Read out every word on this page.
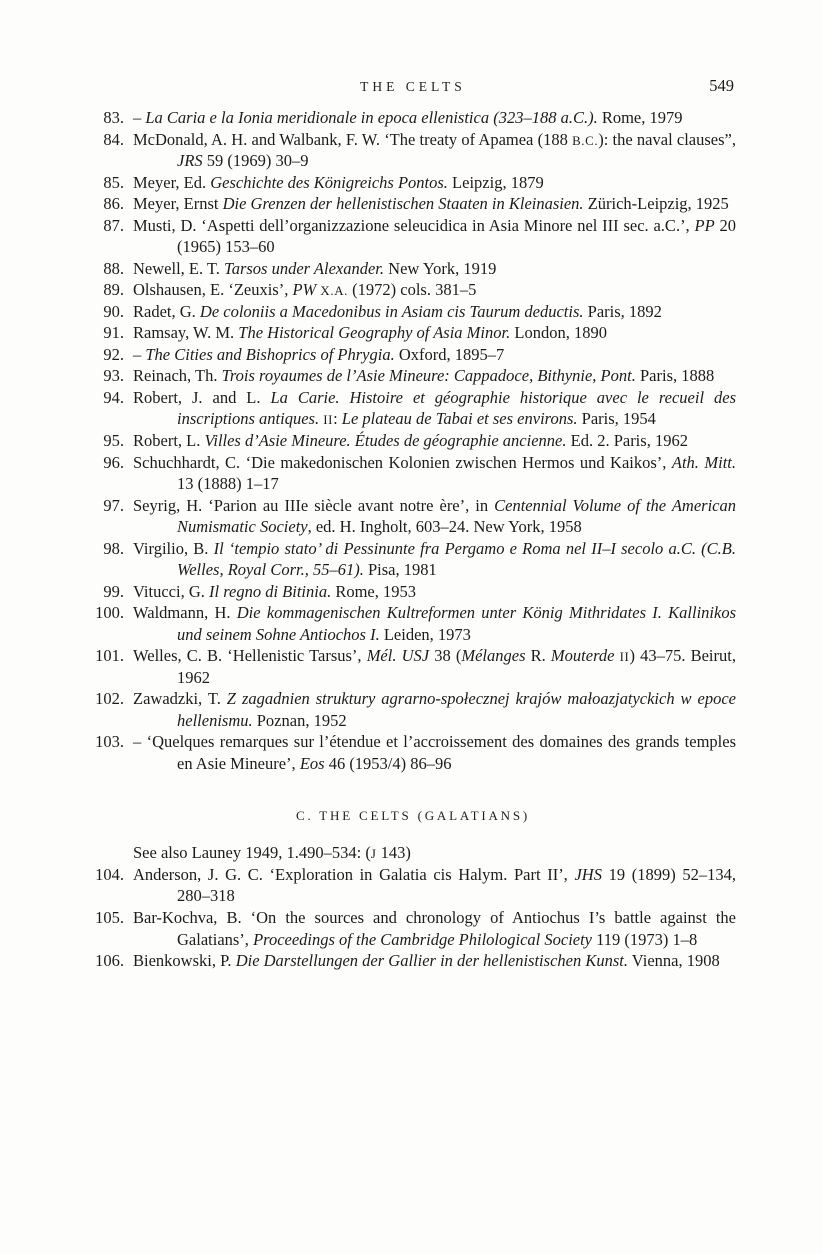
THE CELTS	549
83. – La Caria e la Ionia meridionale in epoca ellenistica (323–188 a.C.). Rome, 1979
84. McDonald, A. H. and Walbank, F. W. ‘The treaty of Apamea (188 B.C.): the naval clauses”, JRS 59 (1969) 30–9
85. Meyer, Ed. Geschichte des Königreichs Pontos. Leipzig, 1879
86. Meyer, Ernst Die Grenzen der hellenistischen Staaten in Kleinasien. Zürich-Leipzig, 1925
87. Musti, D. ‘Aspetti dell’organizzazione seleucidica in Asia Minore nel III sec. a.C.’, PP 20 (1965) 153–60
88. Newell, E. T. Tarsos under Alexander. New York, 1919
89. Olshausen, E. ‘Zeuxis’, PW X.A. (1972) cols. 381–5
90. Radet, G. De coloniis a Macedonibus in Asiam cis Taurum deductis. Paris, 1892
91. Ramsay, W. M. The Historical Geography of Asia Minor. London, 1890
92. – The Cities and Bishoprics of Phrygia. Oxford, 1895–7
93. Reinach, Th. Trois royaumes de l’Asie Mineure: Cappadoce, Bithynie, Pont. Paris, 1888
94. Robert, J. and L. La Carie. Histoire et géographie historique avec le recueil des inscriptions antiques. II: Le plateau de Tabai et ses environs. Paris, 1954
95. Robert, L. Villes d’Asie Mineure. Études de géographie ancienne. Ed. 2. Paris, 1962
96. Schuchhardt, C. ‘Die makedonischen Kolonien zwischen Hermos und Kaikos’, Ath. Mitt. 13 (1888) 1–17
97. Seyrig, H. ‘Parion au IIIe siècle avant notre ère’, in Centennial Volume of the American Numismatic Society, ed. H. Ingholt, 603–24. New York, 1958
98. Virgilio, B. Il ‘tempio stato’ di Pessinunte fra Pergamo e Roma nel II–I secolo a.C. (C.B. Welles, Royal Corr., 55–61). Pisa, 1981
99. Vitucci, G. Il regno di Bitinia. Rome, 1953
100. Waldmann, H. Die kommagenischen Kultreformen unter König Mithridates I. Kallinikos und seinem Sohne Antiochos I. Leiden, 1973
101. Welles, C. B. ‘Hellenistic Tarsus’, Mél. USJ 38 (Mélanges R. Mouterde II) 43–75. Beirut, 1962
102. Zawadzki, T. Z zagadnien struktury agrarno-społecznej krajów małoazjatyckich w epoce hellenismu. Poznan, 1952
103. – ‘Quelques remarques sur l’étendue et l’accroissement des domaines des grands temples en Asie Mineure’, Eos 46 (1953/4) 86–96
C. THE CELTS (GALATIANS)
See also Launey 1949, 1.490–534: (J 143)
104. Anderson, J. G. C. ‘Exploration in Galatia cis Halym. Part II’, JHS 19 (1899) 52–134, 280–318
105. Bar-Kochva, B. ‘On the sources and chronology of Antiochus I’s battle against the Galatians’, Proceedings of the Cambridge Philological Society 119 (1973) 1–8
106. Bienkowski, P. Die Darstellungen der Gallier in der hellenistischen Kunst. Vienna, 1908
